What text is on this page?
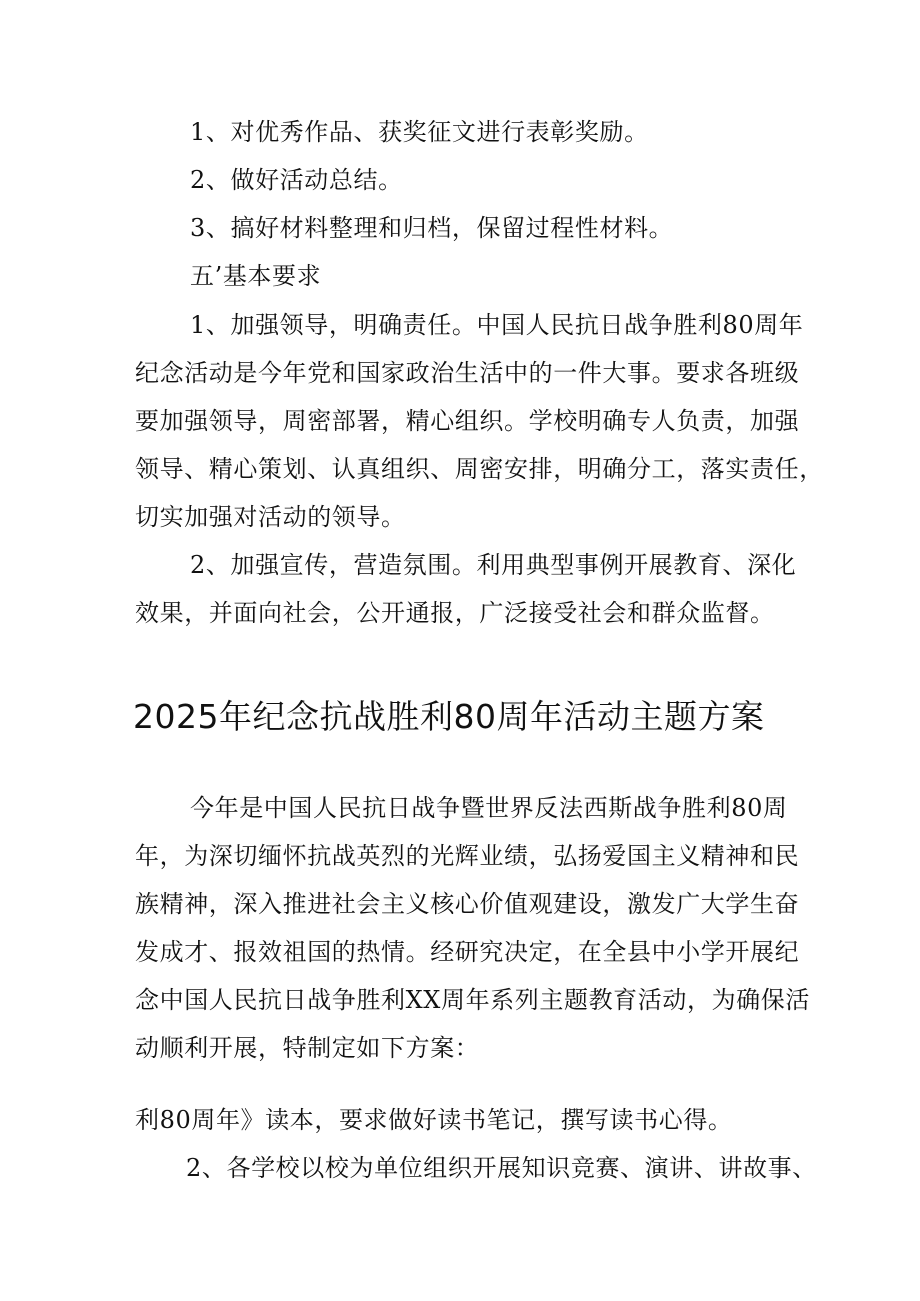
1、对优秀作品、获奖征文进行表彰奖励。
2、做好活动总结。
3、搞好材料整理和归档，保留过程性材料。
五’基本要求
1、加强领导，明确责任。中国人民抗日战争胜利80周年
纪念活动是今年党和国家政治生活中的一件大事。要求各班级
要加强领导，周密部署，精心组织。学校明确专人负责，加强
领导、精心策划、认真组织、周密安排，明确分工，落实责任，
切实加强对活动的领导。
2、加强宣传，营造氛围。利用典型事例开展教育、深化
效果，并面向社会，公开通报，广泛接受社会和群众监督。
2025年纪念抗战胜利80周年活动主题方案
今年是中国人民抗日战争暨世界反法西斯战争胜利80周
年，为深切缅怀抗战英烈的光辉业绩，弘扬爱国主义精神和民
族精神，深入推进社会主义核心价值观建设，激发广大学生奋
发成才、报效祖国的热情。经研究决定，在全县中小学开展纪
念中国人民抗日战争胜利XX周年系列主题教育活动，为确保活
动顺利开展，特制定如下方案：
利80周年》读本，要求做好读书笔记，撰写读书心得。
2、各学校以校为单位组织开展知识竞赛、演讲、讲故事、
